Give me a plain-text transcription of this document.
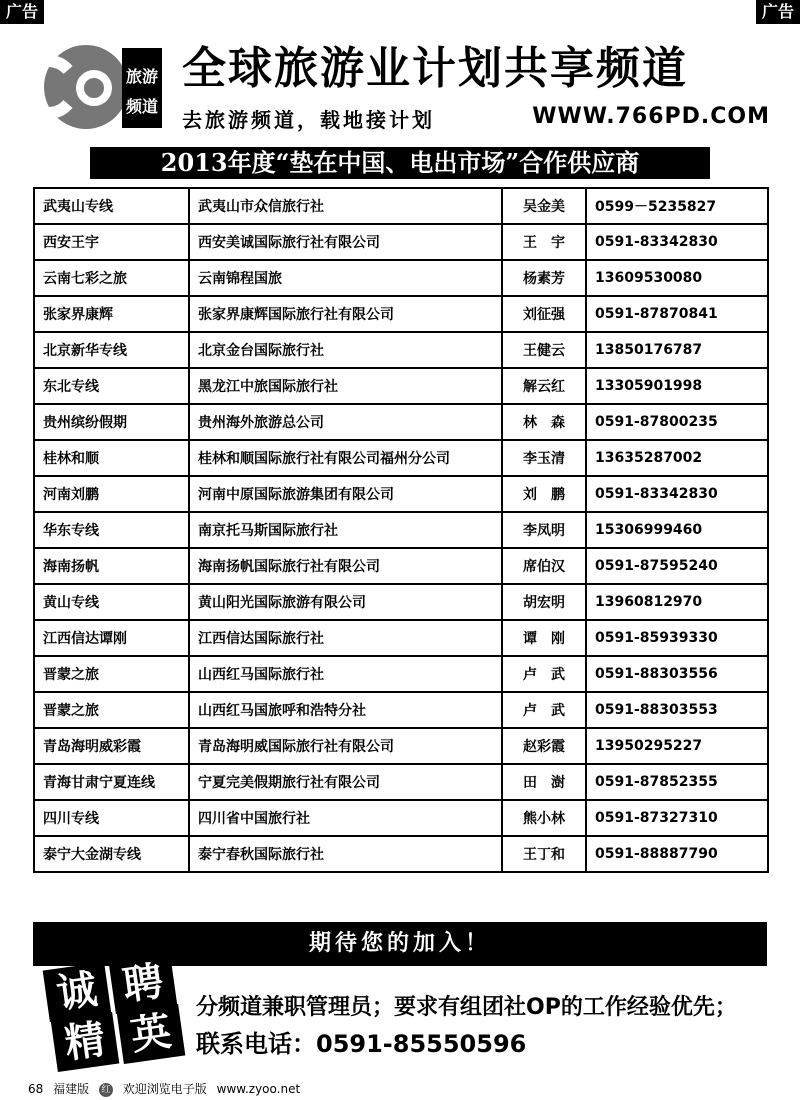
广告	广告
旅游
频道
全球旅游业计划共享频道
去旅游频道，载地接计划	WWW.766PD.COM
2013年度“垫在中国、电出市场”合作供应商
武夷山专线	武夷山市众信旅行社	吴金美	0599－5235827
西安王宇	西安美诚国际旅行社有限公司	王　宇	0591-83342830
云南七彩之旅	云南锦程国旅	杨素芳	13609530080
张家界康辉	张家界康辉国际旅行社有限公司	刘征强	0591-87870841
北京新华专线	北京金台国际旅行社	王健云	13850176787
东北专线	黑龙江中旅国际旅行社	解云红	13305901998
贵州缤纷假期	贵州海外旅游总公司	林　森	0591-87800235
桂林和顺	桂林和顺国际旅行社有限公司福州分公司	李玉清	13635287002
河南刘鹏	河南中原国际旅游集团有限公司	刘　鹏	0591-83342830
华东专线	南京托马斯国际旅行社	李凤明	15306999460
海南扬帆	海南扬帆国际旅行社有限公司	席伯汉	0591-87595240
黄山专线	黄山阳光国际旅游有限公司	胡宏明	13960812970
江西信达谭刚	江西信达国际旅行社	谭　刚	0591-85939330
晋蒙之旅	山西红马国际旅行社	卢　武	0591-88303556
晋蒙之旅	山西红马国旅呼和浩特分社	卢　武	0591-88303553
青岛海明威彩霞	青岛海明威国际旅行社有限公司	赵彩霞	13950295227
青海甘肃宁夏连线	宁夏完美假期旅行社有限公司	田　澍	0591-87852355
四川专线	四川省中国旅行社	熊小林	0591-87327310
泰宁大金湖专线	泰宁春秋国际旅行社	王丁和	0591-88887790
期待您的加入！
诚 聘
精 英
分频道兼职管理员；要求有组团社OP的工作经验优先；
联系电话：0591-85550596
68 福建版 红 欢迎浏览电子版 www.zyoo.net
